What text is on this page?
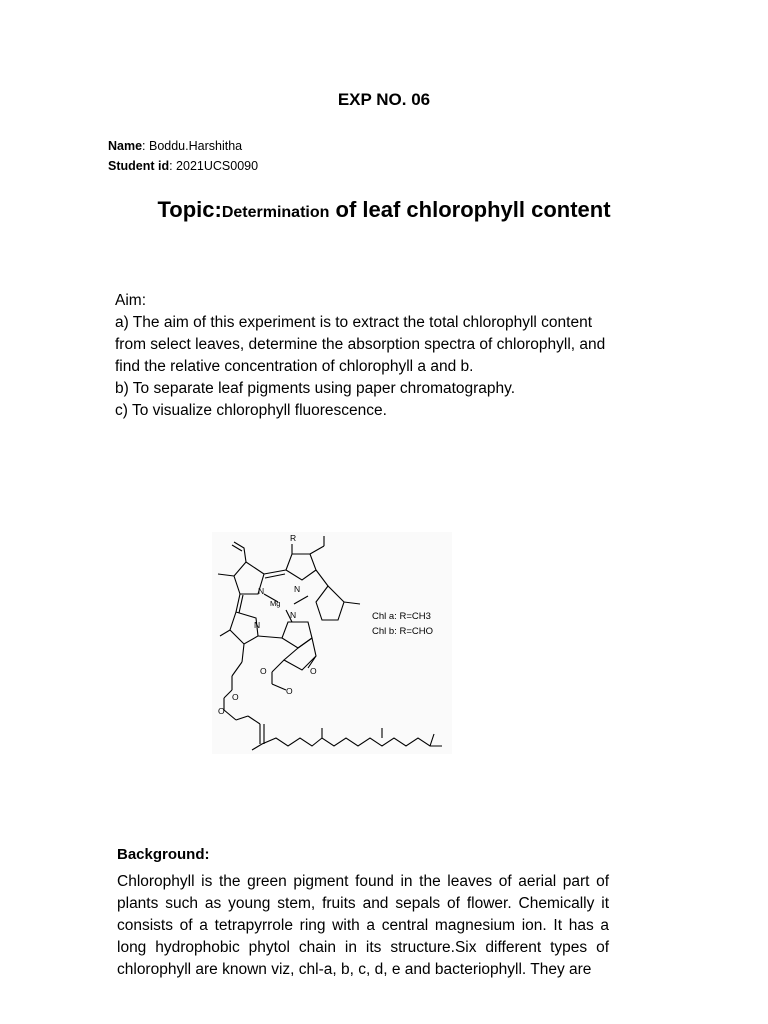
EXP NO. 06
Name: Boddu.Harshitha
Student id: 2021UCS0090
Topic:Determination of leaf chlorophyll content

Aim:

a) The aim of this experiment is to extract the total chlorophyll content

from select leaves, determine the absorption spectra of chlorophyll, and

find the relative concentration of chlorophyll a and b.

b) To separate leaf pigments using paper chromatography.

c) To visualize chlorophyll fluorescence.

R
N
Mg
N
N
N
O
O
O
O
O
Chl a: R=CH3
Chl b: R=CHO
Background:
Chlorophyll is the green pigment found in the leaves of aerial part of plants such as young stem, fruits and sepals of flower. Chemically it consists of a tetrapyrrole ring with a central magnesium ion. It has a long hydrophobic phytol chain in its structure.Six different types of chlorophyll are known viz, chl-a, b, c, d, e and bacteriophyll. They are
